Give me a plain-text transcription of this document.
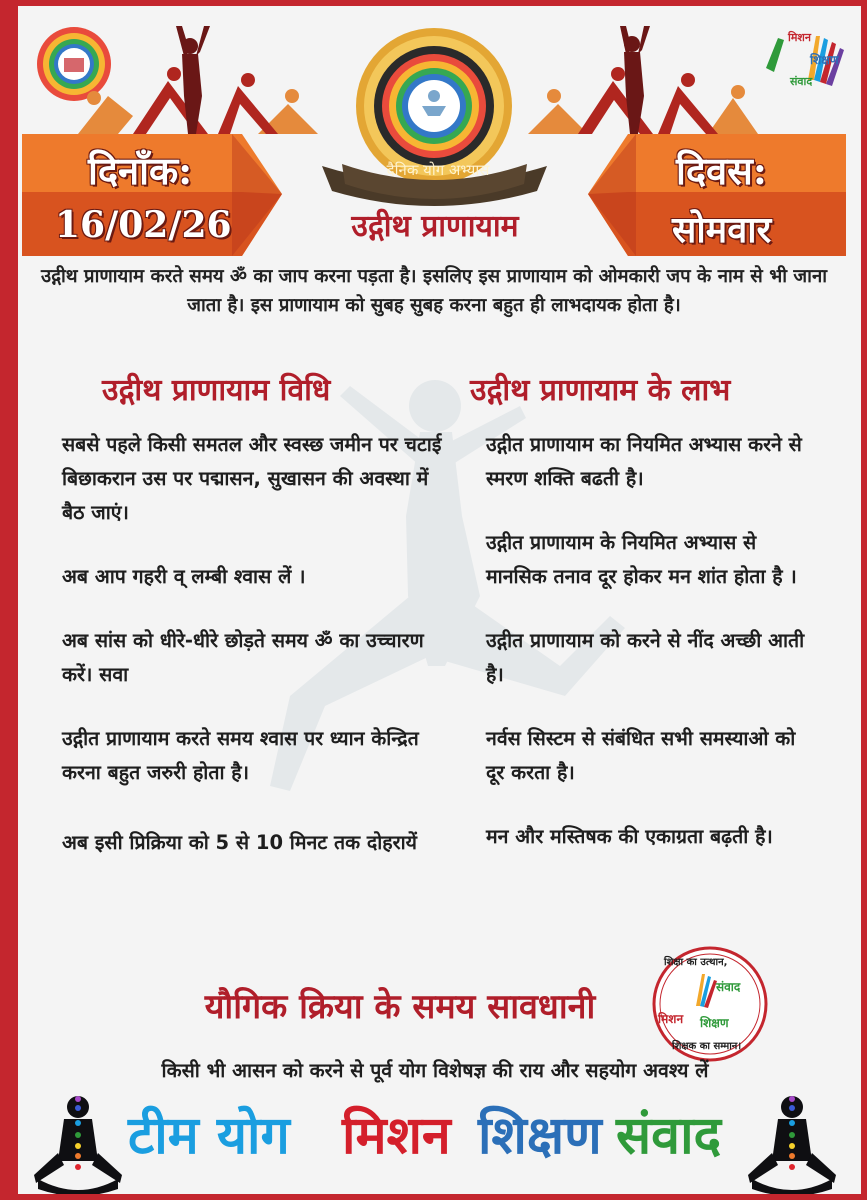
मिशन
शिक्षण
संवाद
दैनिक योग अभ्यास
दिनाँक:
16/02/26
दिवस:
सोमवार
उद्गीथ प्राणायाम
उद्गीथ प्राणायाम करते समय ॐ का जाप करना पड़ता है। इसलिए इस प्राणायाम को ओमकारी जप के नाम से भी जाना जाता है। इस प्राणायाम को सुबह सुबह करना बहुत ही लाभदायक होता है।
उद्गीथ प्राणायाम विधि	उद्गीथ प्राणायाम के लाभ

सबसे पहले किसी समतल और स्वस्छ जमीन पर चटाई बिछाकरान उस पर पद्मासन, सुखासन की अवस्था में बैठ जाएं।

अब आप गहरी व् लम्बी श्वास लें ।

अब सांस को धीरे-धीरे छोड़ते समय ॐ का उच्चारण करें। सवा

उद्गीत प्राणायाम करते समय श्वास पर ध्यान केन्द्रित करना बहुत जरुरी होता है।

अब इसी प्रिक्रिया को 5 से 10 मिनट तक दोहरायें

उद्गीत प्राणायाम का नियमित अभ्यास करने से स्मरण शक्ति बढती है।

उद्गीत प्राणायाम के नियमित अभ्यास से मानसिक तनाव दूर होकर मन शांत होता है ।

उद्गीत प्राणायाम को करने से नींद अच्छी आती है।

नर्वस सिस्टम से संबंधित सभी समस्याओ को दूर करता है।

मन और मस्तिषक की एकाग्रता बढ़ती है।

शिक्षा का उत्थान,
संवाद
मिशन शिक्षण
शिक्षक का सम्मान।
यौगिक क्रिया के समय सावधानी
किसी भी आसन को करने से पूर्व योग विशेषज्ञ की राय और सहयोग अवश्य लें
टीम योग मिशन शिक्षण संवाद
